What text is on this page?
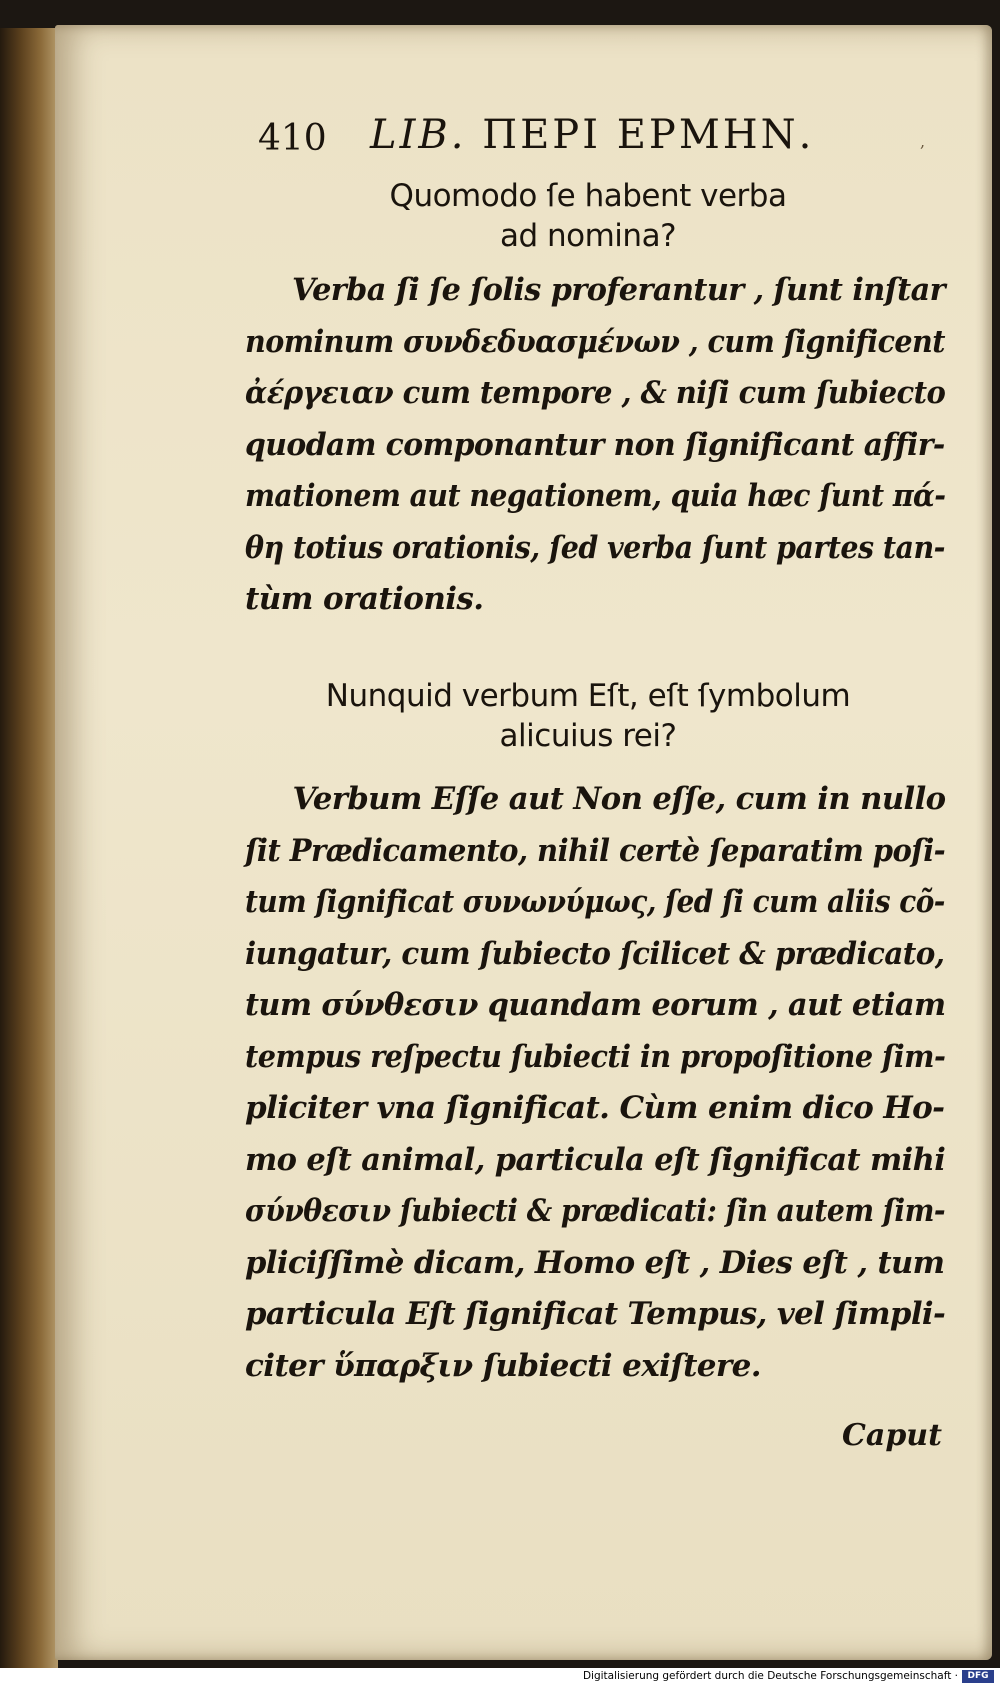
410 LIB. ΠΕΡΙ ΕΡΜΗΝ.	,
Quomodo ſe habent verba
ad nomina?
Verba ſi ſe ſolis proferantur , ſunt inſtar
nominum συνδεδυασμένων , cum ſignificent
ἀέργειαν cum tempore , & niſi cum ſubiecto
quodam componantur non ſignificant affir-
mationem aut negationem, quia hæc ſunt πά-
θη totius orationis, ſed verba ſunt partes tan-
tùm orationis.
Nunquid verbum Eſt, eſt ſymbolum
alicuius rei?
Verbum Eſſe aut Non eſſe, cum in nullo
ſit Prædicamento, nihil certè ſeparatim poſi-
tum ſignificat συνωνύμως, ſed ſi cum aliis cõ-
iungatur, cum ſubiecto ſcilicet & prædicato,
tum σύνθεσιν quandam eorum , aut etiam
tempus reſpectu ſubiecti in propoſitione ſim-
pliciter vna ſignificat. Cùm enim dico Ho-
mo eſt animal, particula eſt ſignificat mihi
σύνθεσιν ſubiecti & prædicati: ſin autem ſim-
pliciſſimè dicam, Homo eſt , Dies eſt , tum
particula Eſt ſignificat Tempus, vel ſimpli-
citer ὕπαρξιν ſubiecti exiſtere.
Caput
Digitalisierung gefördert durch die Deutsche Forschungsgemeinschaft ·	DFG
